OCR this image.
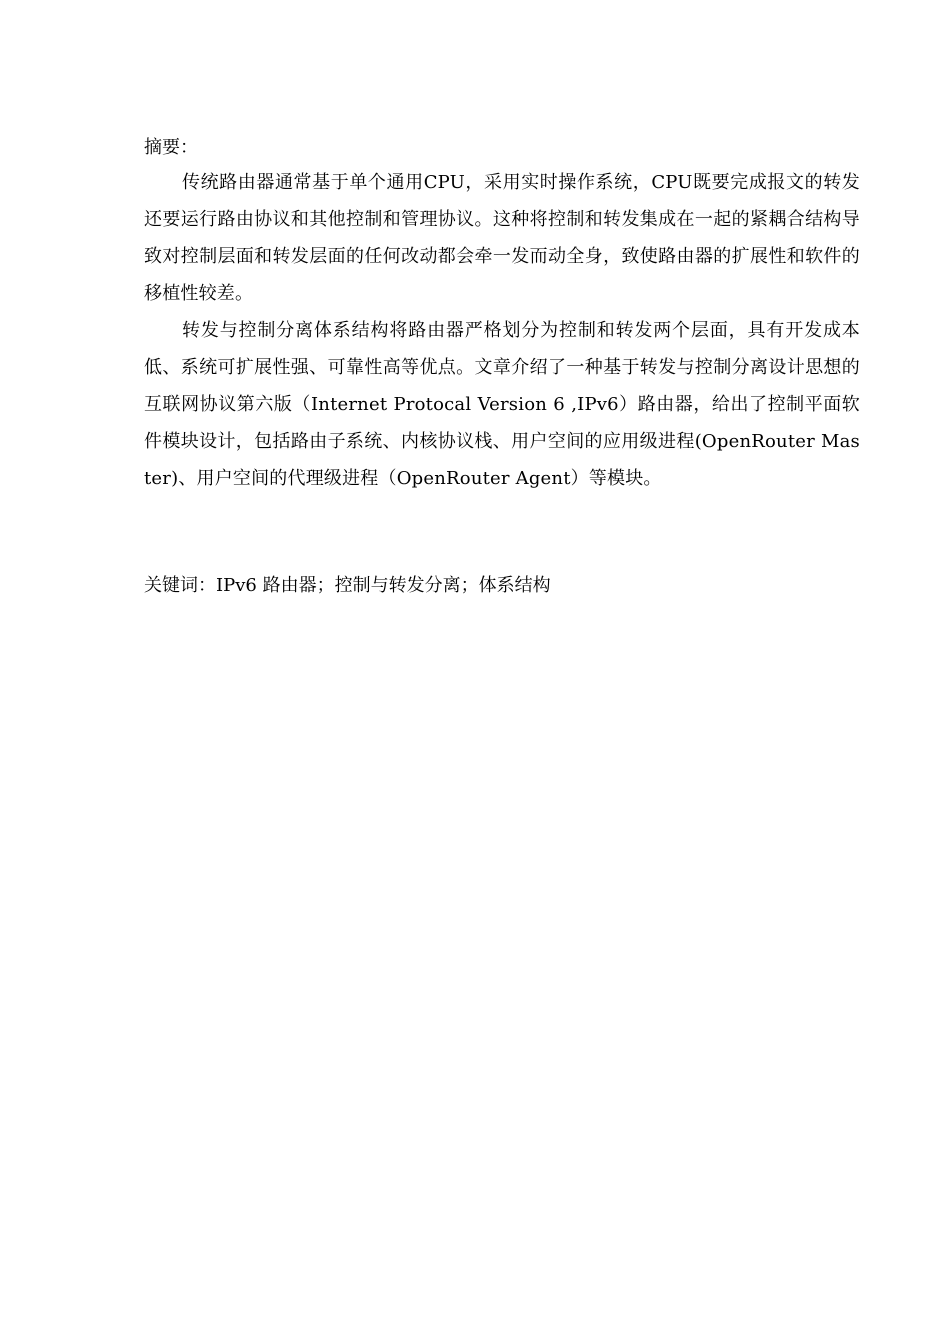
摘要：

传统路由器通常基于单个通用CPU，采用实时操作系统，CPU既要完成报文的转发还要运行路由协议和其他控制和管理协议。这种将控制和转发集成在一起的紧耦合结构导致对控制层面和转发层面的任何改动都会牵一发而动全身，致使路由器的扩展性和软件的移植性较差。

转发与控制分离体系结构将路由器严格划分为控制和转发两个层面，具有开发成本低、系统可扩展性强、可靠性高等优点。文章介绍了一种基于转发与控制分离设计思想的互联网协议第六版（Internet Protocal Version 6 ,IPv6）路由器，给出了控制平面软件模块设计，包括路由子系统、内核协议栈、用户空间的应用级进程(OpenRouter Master)、用户空间的代理级进程（OpenRouter Agent）等模块。

关键词：IPv6 路由器；控制与转发分离；体系结构
